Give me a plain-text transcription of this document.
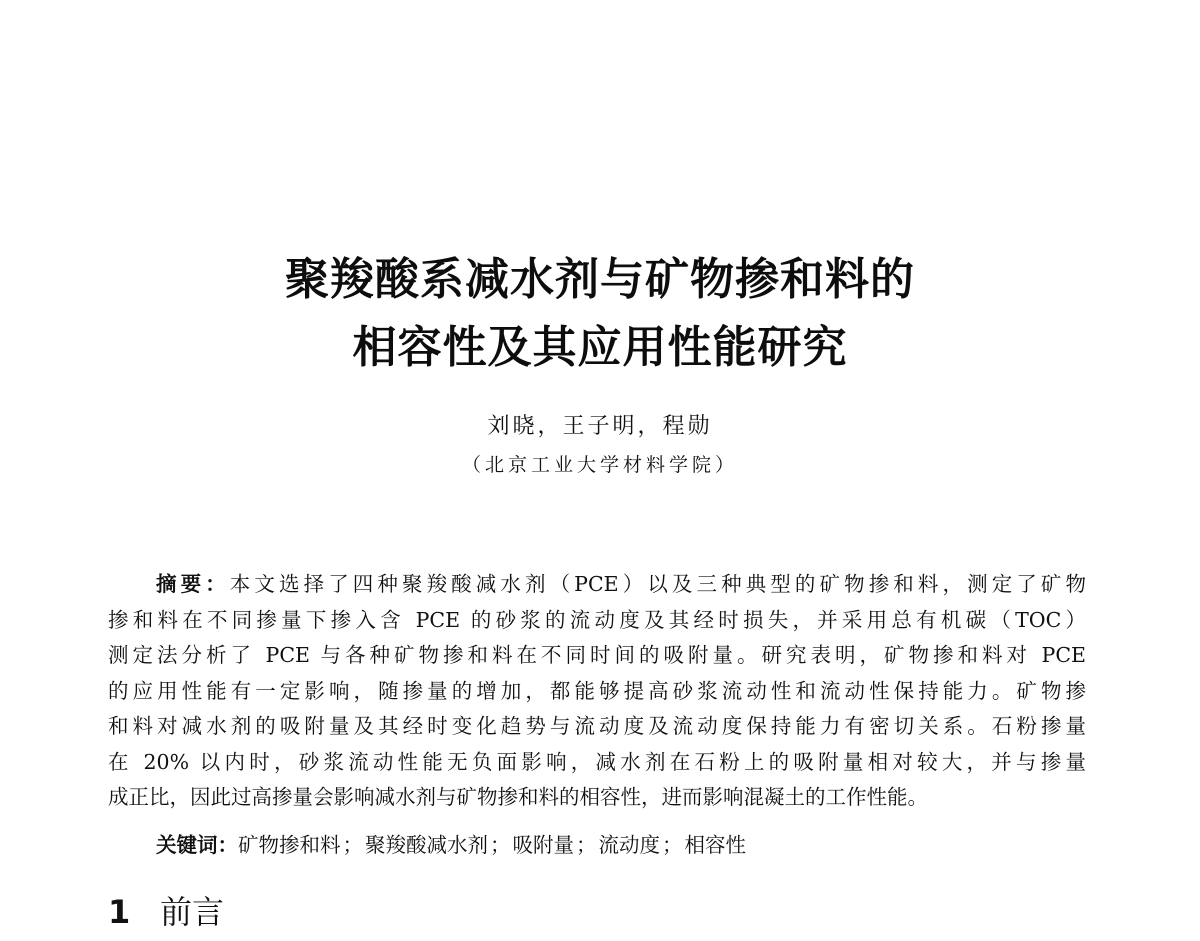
聚羧酸系减水剂与矿物掺和料的
相容性及其应用性能研究
刘晓，王子明，程勋
（北京工业大学材料学院）
摘要：本文选择了四种聚羧酸减水剂（PCE）以及三种典型的矿物掺和料，测定了矿物
掺和料在不同掺量下掺入含 PCE 的砂浆的流动度及其经时损失，并采用总有机碳（TOC）
测定法分析了 PCE 与各种矿物掺和料在不同时间的吸附量。研究表明，矿物掺和料对 PCE
的应用性能有一定影响，随掺量的增加，都能够提高砂浆流动性和流动性保持能力。矿物掺
和料对减水剂的吸附量及其经时变化趋势与流动度及流动度保持能力有密切关系。石粉掺量
在 20% 以内时，砂浆流动性能无负面影响，减水剂在石粉上的吸附量相对较大，并与掺量
成正比，因此过高掺量会影响减水剂与矿物掺和料的相容性，进而影响混凝土的工作性能。
关键词：矿物掺和料；聚羧酸减水剂；吸附量；流动度；相容性
1 前言
